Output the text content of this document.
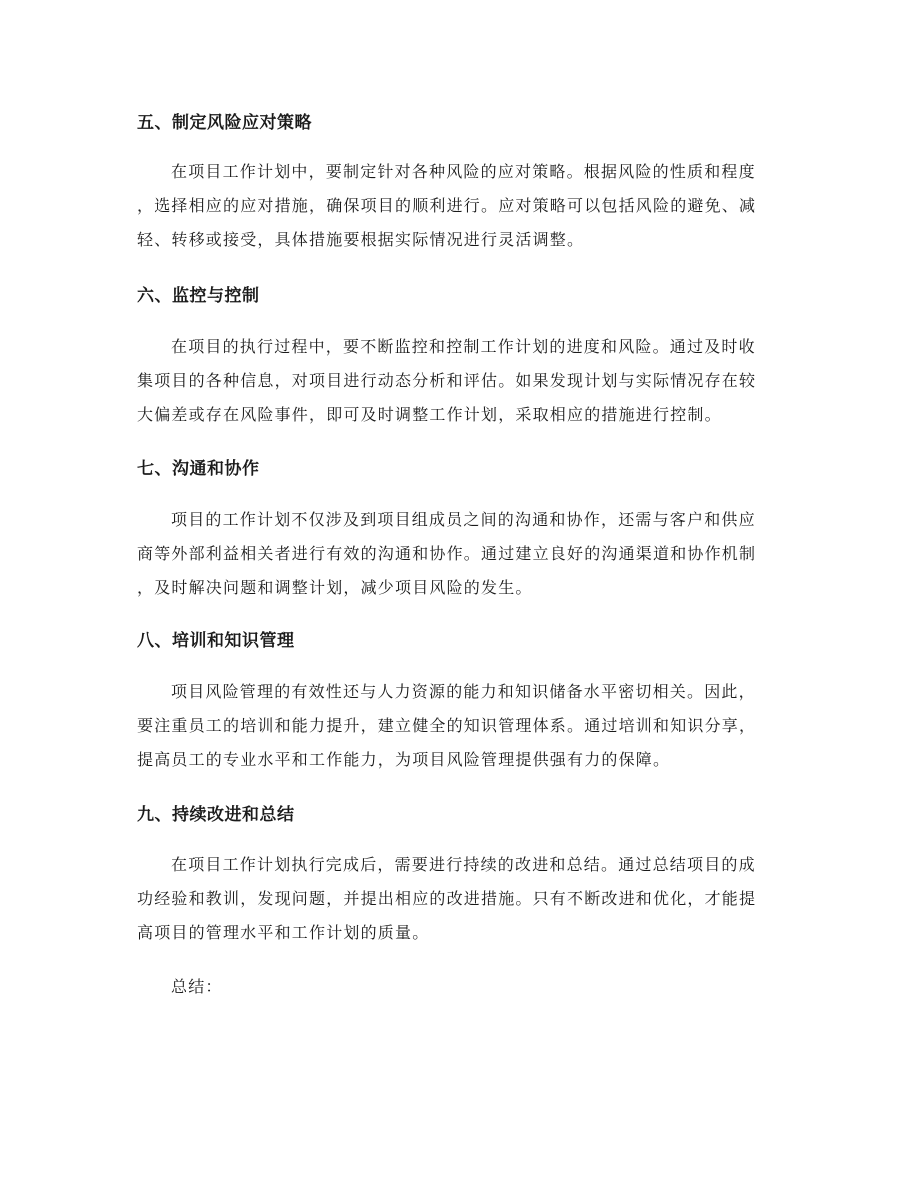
五、制定风险应对策略
在项目工作计划中，要制定针对各种风险的应对策略。根据风险的性质和程度
，选择相应的应对措施，确保项目的顺利进行。应对策略可以包括风险的避免、减
轻、转移或接受，具体措施要根据实际情况进行灵活调整。
六、监控与控制
在项目的执行过程中，要不断监控和控制工作计划的进度和风险。通过及时收
集项目的各种信息，对项目进行动态分析和评估。如果发现计划与实际情况存在较
大偏差或存在风险事件，即可及时调整工作计划，采取相应的措施进行控制。
七、沟通和协作
项目的工作计划不仅涉及到项目组成员之间的沟通和协作，还需与客户和供应
商等外部利益相关者进行有效的沟通和协作。通过建立良好的沟通渠道和协作机制
，及时解决问题和调整计划，减少项目风险的发生。
八、培训和知识管理
项目风险管理的有效性还与人力资源的能力和知识储备水平密切相关。因此，
要注重员工的培训和能力提升，建立健全的知识管理体系。通过培训和知识分享，
提高员工的专业水平和工作能力，为项目风险管理提供强有力的保障。
九、持续改进和总结
在项目工作计划执行完成后，需要进行持续的改进和总结。通过总结项目的成
功经验和教训，发现问题，并提出相应的改进措施。只有不断改进和优化，才能提
高项目的管理水平和工作计划的质量。

总结：
